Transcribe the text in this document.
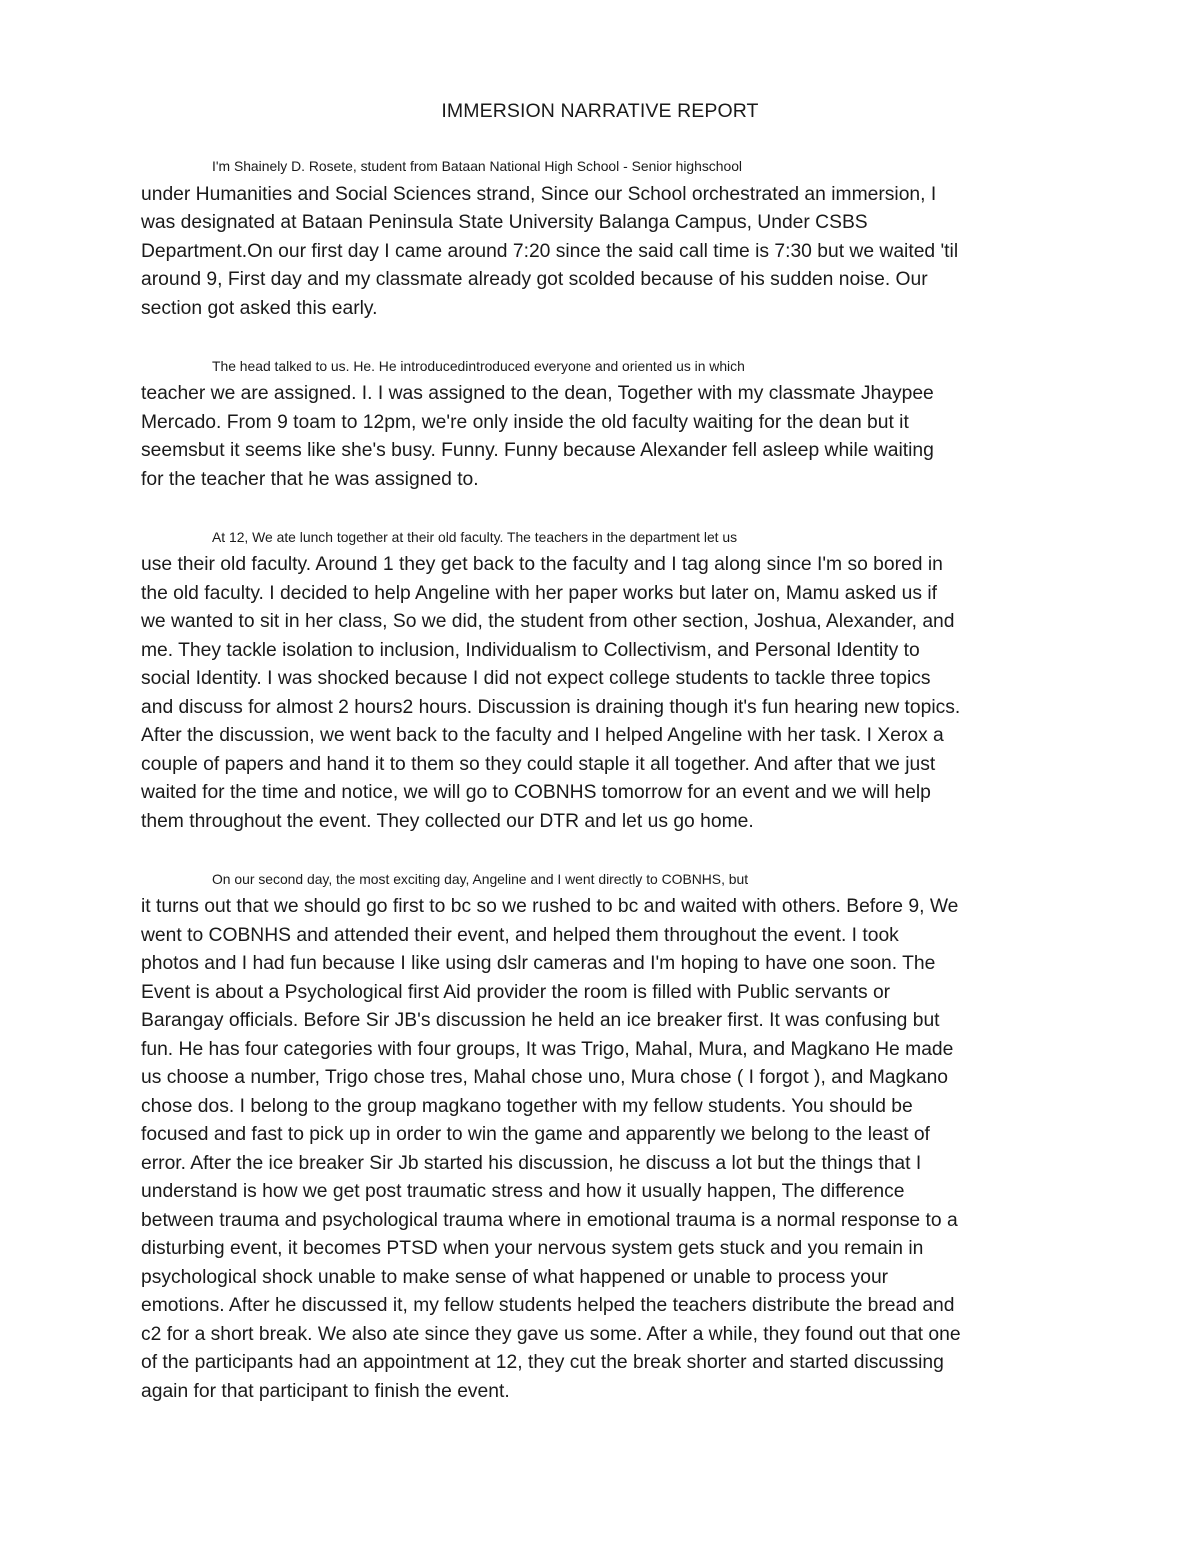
IMMERSION NARRATIVE REPORT

I'm Shainely D. Rosete, student from Bataan National High School - Senior highschool
under Humanities and Social Sciences strand, Since our School orchestrated an immersion, I
was designated at Bataan Peninsula State University Balanga Campus, Under CSBS
Department.On our first day I came around 7:20 since the said call time is 7:30 but we waited 'til
around 9, First day and my classmate already got scolded because of his sudden noise. Our
section got asked this early.

The head talked to us. He. He introducedintroduced everyone and oriented us in which
teacher we are assigned. I. I was assigned to the dean, Together with my classmate Jhaypee
Mercado. From 9 toam to 12pm, we're only inside the old faculty waiting for the dean but it
seemsbut it seems like she's busy. Funny. Funny because Alexander fell asleep while waiting
for the teacher that he was assigned to.

At 12, We ate lunch together at their old faculty. The teachers in the department let us
use their old faculty. Around 1 they get back to the faculty and I tag along since I'm so bored in
the old faculty. I decided to help Angeline with her paper works but later on, Mamu asked us if
we wanted to sit in her class, So we did, the student from other section, Joshua, Alexander, and
me. They tackle isolation to inclusion, Individualism to Collectivism, and Personal Identity to
social Identity. I was shocked because I did not expect college students to tackle three topics
and discuss for almost 2 hours2 hours. Discussion is draining though it's fun hearing new topics.
After the discussion, we went back to the faculty and I helped Angeline with her task. I Xerox a
couple of papers and hand it to them so they could staple it all together. And after that we just
waited for the time and notice, we will go to COBNHS tomorrow for an event and we will help
them throughout the event. They collected our DTR and let us go home.

On our second day, the most exciting day, Angeline and I went directly to COBNHS, but
it turns out that we should go first to bc so we rushed to bc and waited with others. Before 9, We
went to COBNHS and attended their event, and helped them throughout the event. I took
photos and I had fun because I like using dslr cameras and I'm hoping to have one soon. The
Event is about a Psychological first Aid provider the room is filled with Public servants or
Barangay officials. Before Sir JB's discussion he held an ice breaker first. It was confusing but
fun. He has four categories with four groups, It was Trigo, Mahal, Mura, and Magkano He made
us choose a number, Trigo chose tres, Mahal chose uno, Mura chose ( I forgot ), and Magkano
chose dos. I belong to the group magkano together with my fellow students. You should be
focused and fast to pick up in order to win the game and apparently we belong to the least of
error. After the ice breaker Sir Jb started his discussion, he discuss a lot but the things that I
understand is how we get post traumatic stress and how it usually happen, The difference
between trauma and psychological trauma where in emotional trauma is a normal response to a
disturbing event, it becomes PTSD when your nervous system gets stuck and you remain in
psychological shock unable to make sense of what happened or unable to process your
emotions. After he discussed it, my fellow students helped the teachers distribute the bread and
c2 for a short break. We also ate since they gave us some. After a while, they found out that one
of the participants had an appointment at 12, they cut the break shorter and started discussing
again for that participant to finish the event.
